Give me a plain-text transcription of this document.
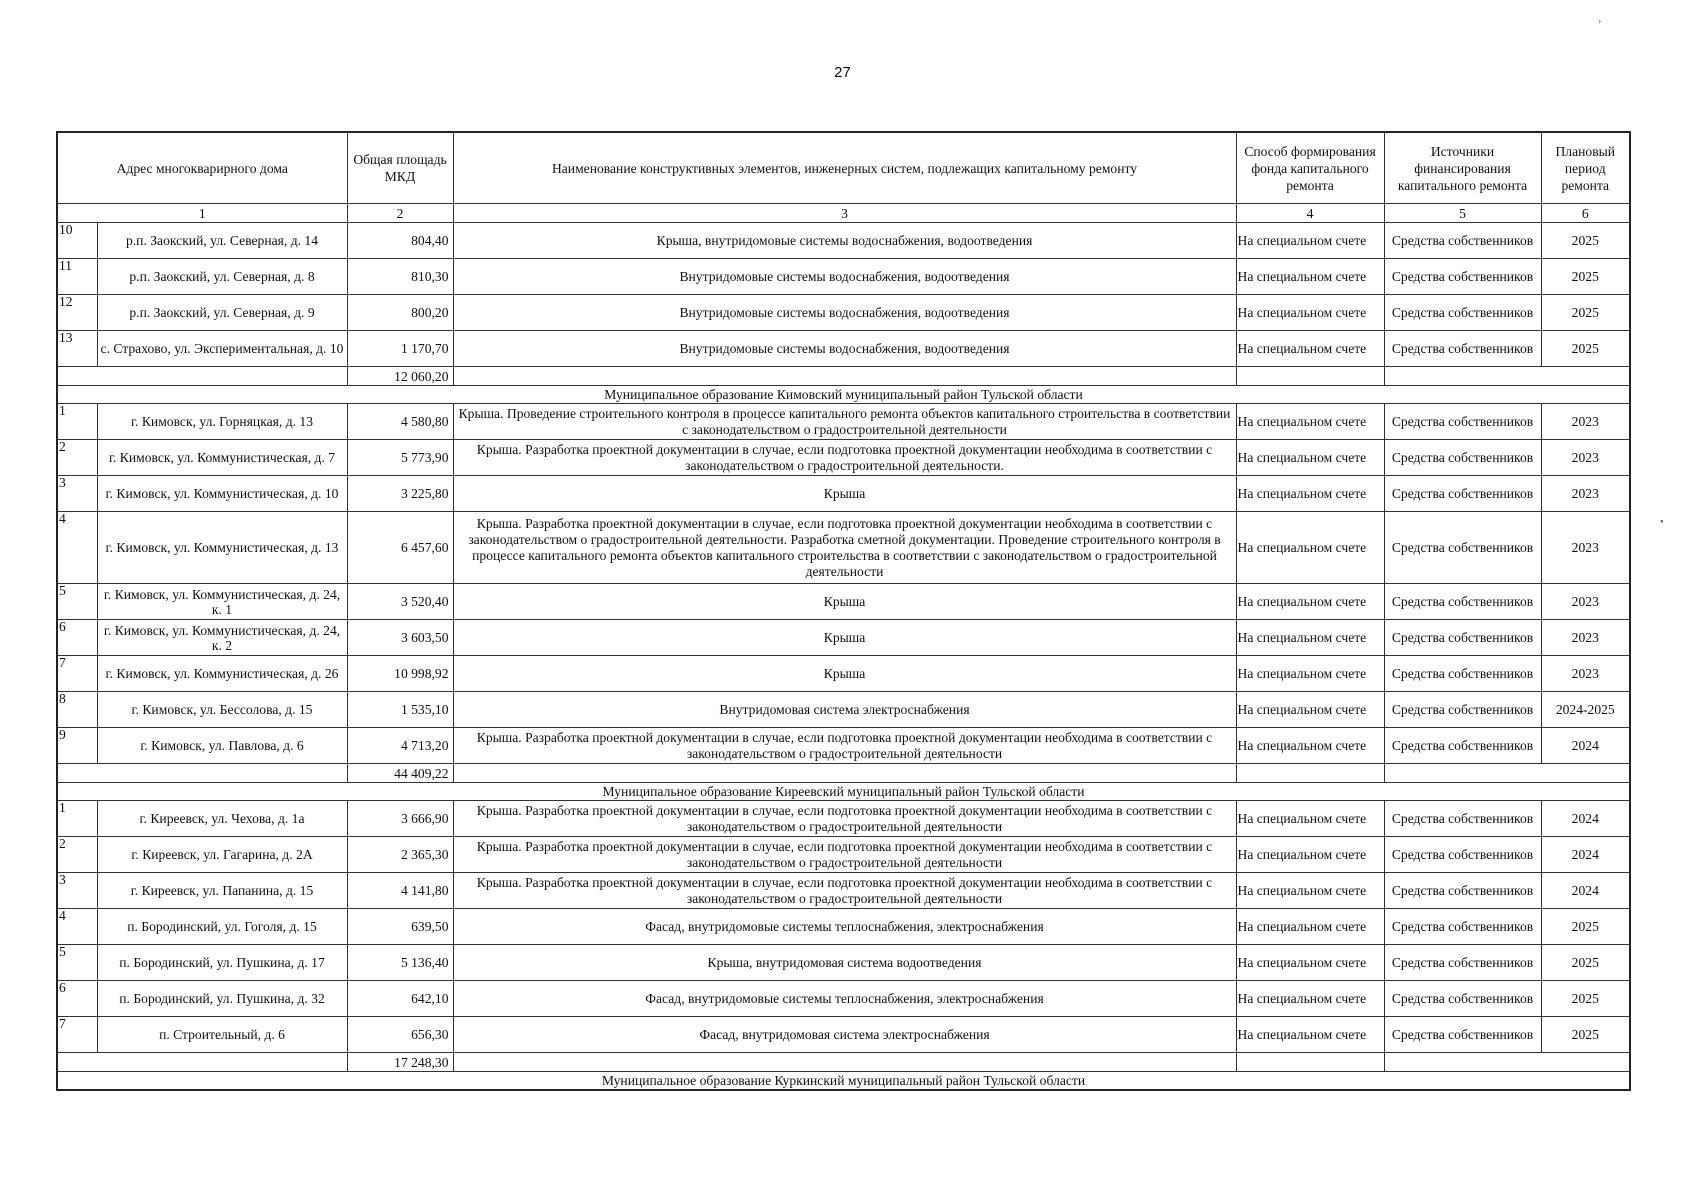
27
›
•
Адрес многокварирного дома		Общая площадь МКД	Наименование конструктивных элементов, инженерных систем, подлежащих капитальному ремонту	Способ формирования фонда капитального ремонта	Источники финансирования капитального ремонта	Плановый период ремонта
1		2	3	4	5	6
10	р.п. Заокский, ул. Северная, д. 14	804,40	Крыша, внутридомовые системы водоснабжения, водоотведения	На специальном счете	Средства собственников	2025
11	р.п. Заокский, ул. Северная, д. 8	810,30	Внутридомовые системы водоснабжения, водоотведения	На специальном счете	Средства собственников	2025
12	р.п. Заокский, ул. Северная, д. 9	800,20	Внутридомовые системы водоснабжения, водоотведения	На специальном счете	Средства собственников	2025
13	с. Страхово, ул. Экспериментальная, д. 10	1 170,70	Внутридомовые системы водоснабжения, водоотведения	На специальном счете	Средства собственников	2025
		12 060,20				
Муниципальное образование Кимовский муниципальный район Тульской области						
1	г. Кимовск, ул. Горняцкая, д. 13	4 580,80	Крыша. Проведение строительного контроля в процессе капитального ремонта объектов капитального строительства в соответствии с законодательством о градостроительной деятельности	На специальном счете	Средства собственников	2023
2	г. Кимовск, ул. Коммунистическая, д. 7	5 773,90	Крыша. Разработка проектной документации в случае, если подготовка проектной документации необходима в соответствии с законодательством о градостроительной деятельности.	На специальном счете	Средства собственников	2023
3	г. Кимовск, ул. Коммунистическая, д. 10	3 225,80	Крыша	На специальном счете	Средства собственников	2023
4	г. Кимовск, ул. Коммунистическая, д. 13	6 457,60	Крыша. Разработка проектной документации в случае, если подготовка проектной документации необходима в соответствии с законодательством о градостроительной деятельности. Разработка сметной документации. Проведение строительного контроля в процессе капитального ремонта объектов капитального строительства в соответствии с законодательством о градостроительной деятельности	На специальном счете	Средства собственников	2023
5	г. Кимовск, ул. Коммунистическая, д. 24, к. 1	3 520,40	Крыша	На специальном счете	Средства собственников	2023
6	г. Кимовск, ул. Коммунистическая, д. 24, к. 2	3 603,50	Крыша	На специальном счете	Средства собственников	2023
7	г. Кимовск, ул. Коммунистическая, д. 26	10 998,92	Крыша	На специальном счете	Средства собственников	2023
8	г. Кимовск, ул. Бессолова, д. 15	1 535,10	Внутридомовая система электроснабжения	На специальном счете	Средства собственников	2024-2025
9	г. Кимовск, ул. Павлова, д. 6	4 713,20	Крыша. Разработка проектной документации в случае, если подготовка проектной документации необходима в соответствии с законодательством о градостроительной деятельности	На специальном счете	Средства собственников	2024
		44 409,22				
Муниципальное образование Киреевский муниципальный район Тульской области						
1	г. Киреевск, ул. Чехова, д. 1а	3 666,90	Крыша. Разработка проектной документации в случае, если подготовка проектной документации необходима в соответствии с законодательством о градостроительной деятельности	На специальном счете	Средства собственников	2024
2	г. Киреевск, ул. Гагарина, д. 2А	2 365,30	Крыша. Разработка проектной документации в случае, если подготовка проектной документации необходима в соответствии с законодательством о градостроительной деятельности	На специальном счете	Средства собственников	2024
3	г. Киреевск, ул. Папанина, д. 15	4 141,80	Крыша. Разработка проектной документации в случае, если подготовка проектной документации необходима в соответствии с законодательством о градостроительной деятельности	На специальном счете	Средства собственников	2024
4	п. Бородинский, ул. Гоголя, д. 15	639,50	Фасад, внутридомовые системы теплоснабжения, электроснабжения	На специальном счете	Средства собственников	2025
5	п. Бородинский, ул. Пушкина, д. 17	5 136,40	Крыша, внутридомовая система водоотведения	На специальном счете	Средства собственников	2025
6	п. Бородинский, ул. Пушкина, д. 32	642,10	Фасад, внутридомовые системы теплоснабжения, электроснабжения	На специальном счете	Средства собственников	2025
7	п. Строительный, д. 6	656,30	Фасад, внутридомовая система электроснабжения	На специальном счете	Средства собственников	2025
		17 248,30				
Муниципальное образование Куркинский муниципальный район Тульской области						
